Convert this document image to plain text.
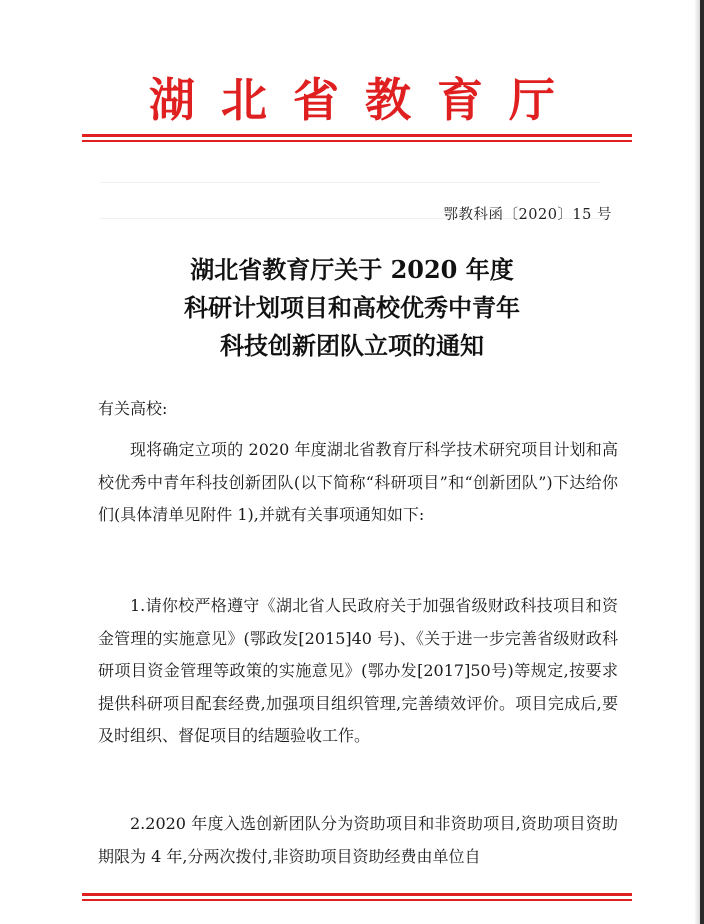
湖北省教育厅
鄂教科函〔2020〕15 号
湖北省教育厅关于 2020 年度
科研计划项目和高校优秀中青年
科技创新团队立项的通知
有关高校:

现将确定立项的 2020 年度湖北省教育厅科学技术研究项目计划和高校优秀中青年科技创新团队(以下简称“科研项目”和“创新团队”)下达给你们(具体清单见附件 1),并就有关事项通知如下:

1.请你校严格遵守《湖北省人民政府关于加强省级财政科技项目和资金管理的实施意见》(鄂政发[2015]40 号)、《关于进一步完善省级财政科研项目资金管理等政策的实施意见》(鄂办发[2017]50号)等规定,按要求提供科研项目配套经费,加强项目组织管理,完善绩效评价。项目完成后,要及时组织、督促项目的结题验收工作。

2.2020 年度入选创新团队分为资助项目和非资助项目,资助项目资助期限为 4 年,分两次拨付,非资助项目资助经费由单位自
